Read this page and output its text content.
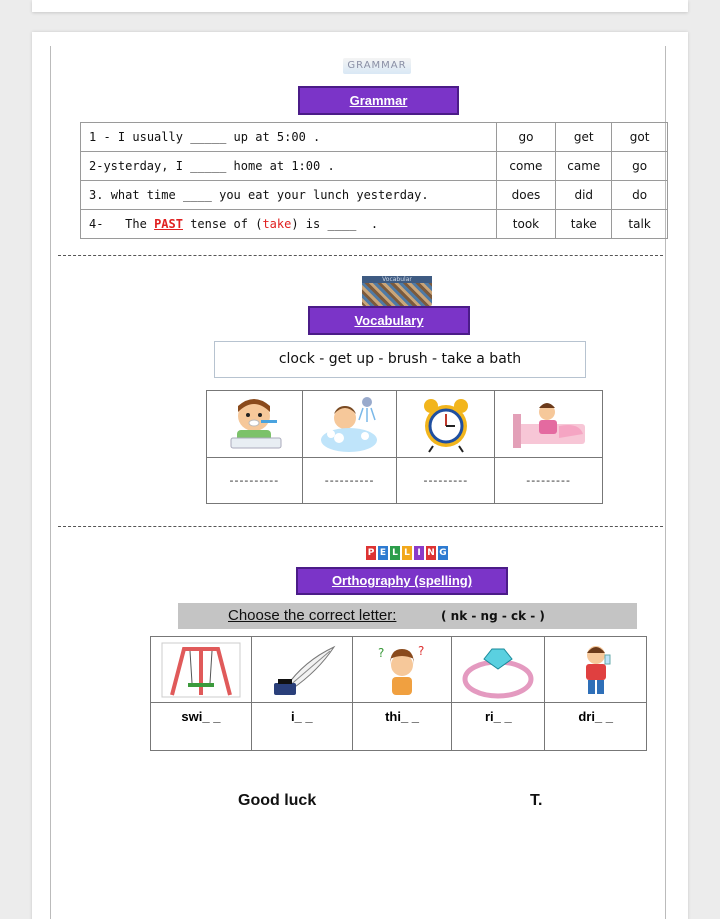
GRAMMAR
Grammar
1 - I usually _____ up at 5:00 .	go	get	got
2-ysterday, I _____ home at 1:00 .	come	came	go
3. what time ____ you eat your lunch yesterday.	does	did	do
4- The PAST tense of (take) is ____ .	took	take	talk
Vocabular
Vocabulary
clock - get up - brush - take a bath

----------	----------	---------	---------
P E L L I N G
Orthography (spelling)
Choose the correct letter:	( nk - ng - ck - )

? ?

swi_ _	i_ _	thi_ _	ri_ _	dri_ _
Good luck	T.
